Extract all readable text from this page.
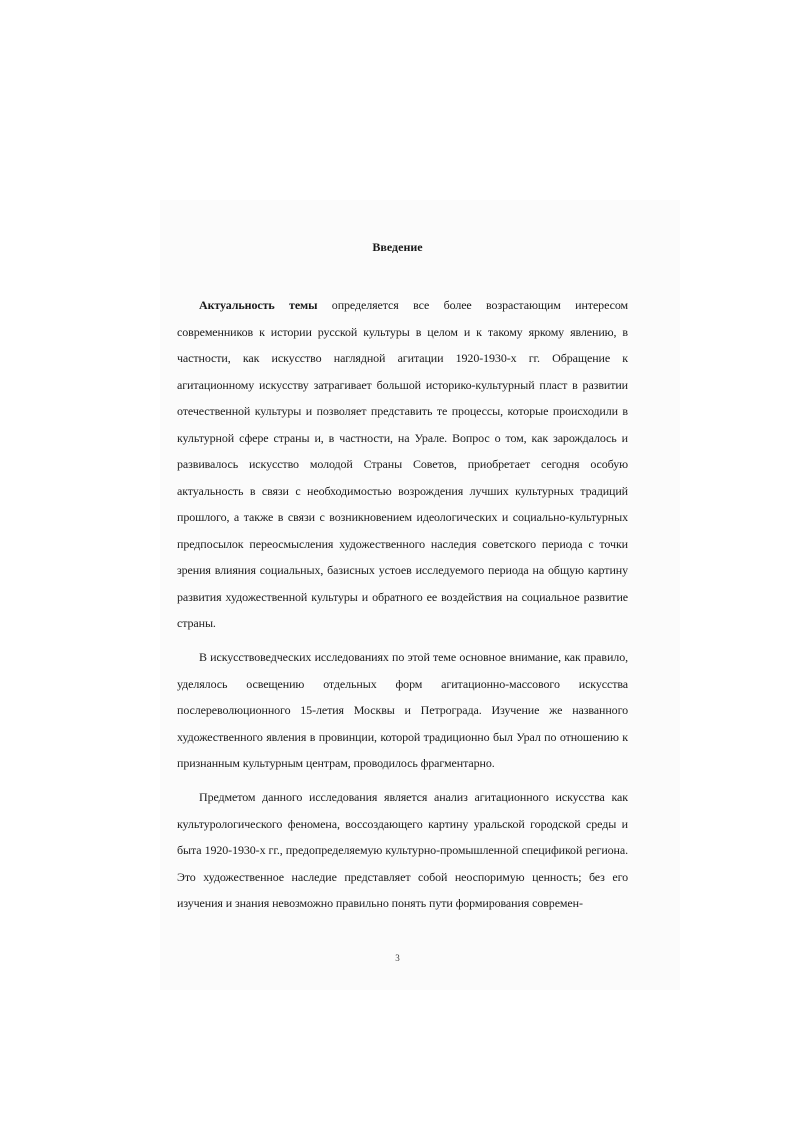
Введение

Актуальность темы определяется все более возрастающим интересом современников к истории русской культуры в целом и к такому яркому явлению, в частности, как искусство наглядной агитации 1920-1930-х гг. Обращение к агитационному искусству затрагивает большой историко-культурный пласт в развитии отечественной культуры и позволяет представить те процессы, которые происходили в культурной сфере страны и, в частности, на Урале. Вопрос о том, как зарождалось и развивалось искусство молодой Страны Советов, приобретает сегодня особую актуальность в связи с необходимостью возрождения лучших культурных традиций прошлого, а также в связи с возникновением идеологических и социально-культурных предпосылок переосмысления художественного наследия советского периода с точки зрения влияния социальных, базисных устоев исследуемого периода на общую картину развития художественной культуры и обратного ее воздействия на социальное развитие страны.

В искусствоведческих исследованиях по этой теме основное внимание, как правило, уделялось освещению отдельных форм агитационно-массового искусства послереволюционного 15-летия Москвы и Петрограда. Изучение же названного художественного явления в провинции, которой традиционно был Урал по отношению к признанным культурным центрам, проводилось фрагментарно.

Предметом данного исследования является анализ агитационного искусства как культурологического феномена, воссоздающего картину уральской городской среды и быта 1920-1930-х гг., предопределяемую культурно-промышленной спецификой региона. Это художественное наследие представляет собой неоспоримую ценность; без его изучения и знания невозможно правильно понять пути формирования современ-

3
